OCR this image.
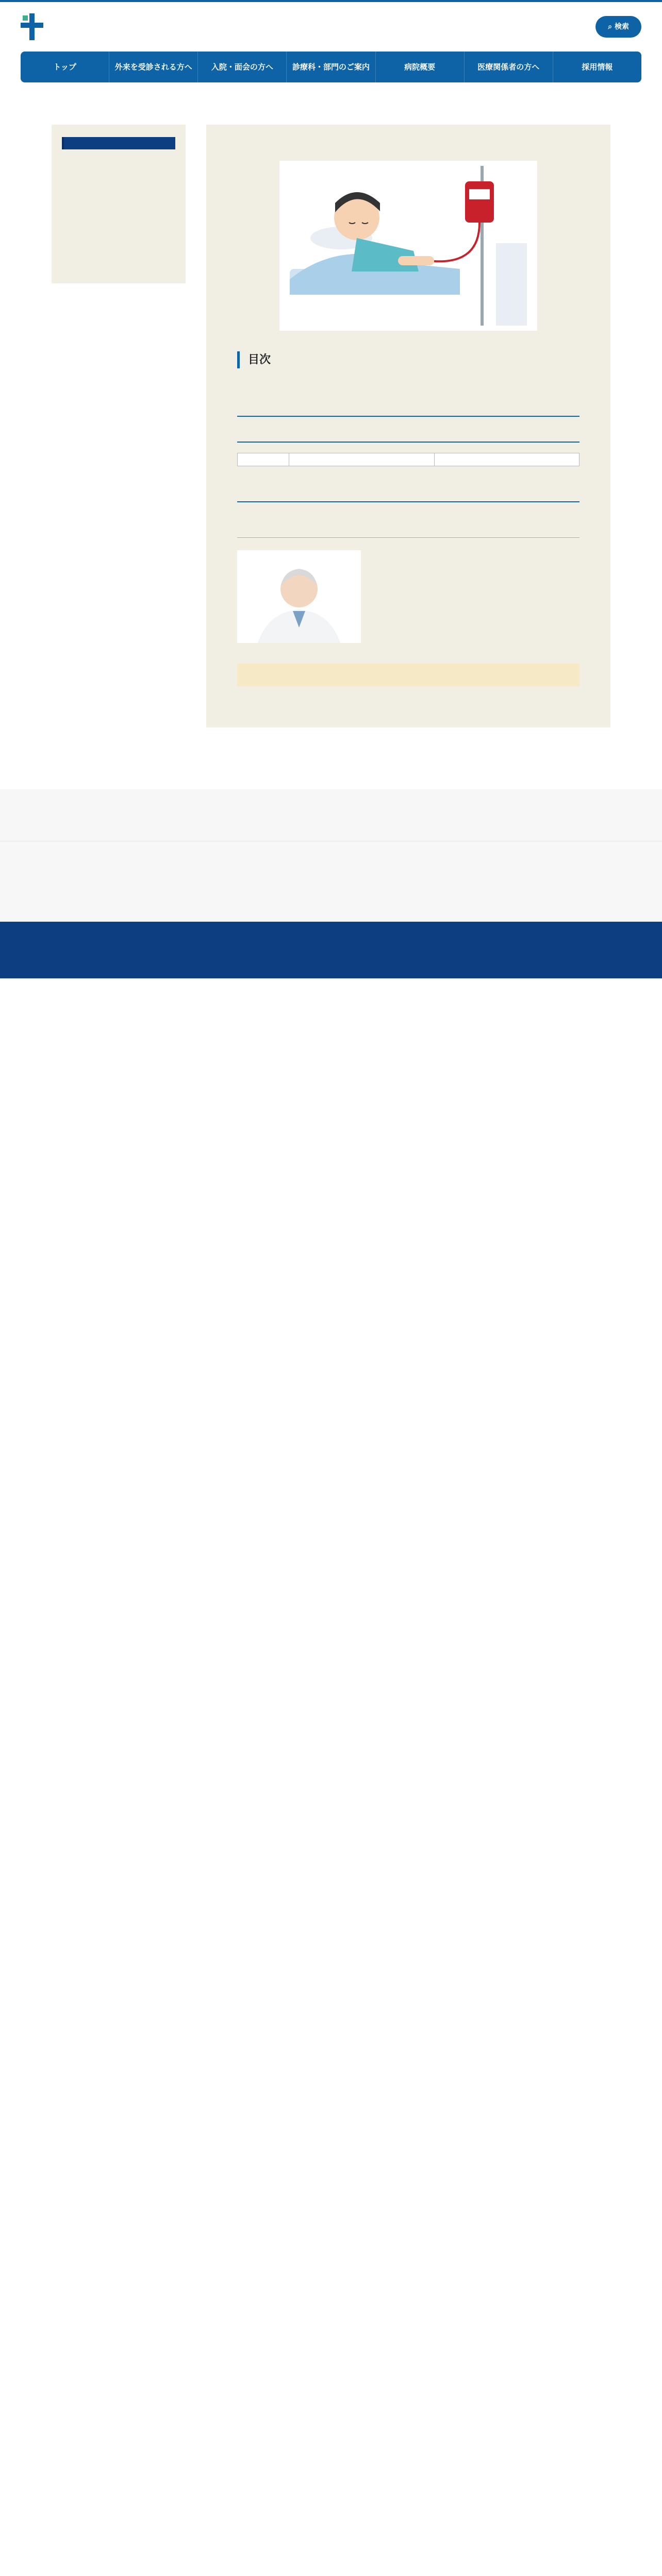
⌕ 検索
トップ	外来を受診される方へ	入院・面会の方へ	診療科・部門のご案内	病院概要	医療関係者の方へ	採用情報

目次
